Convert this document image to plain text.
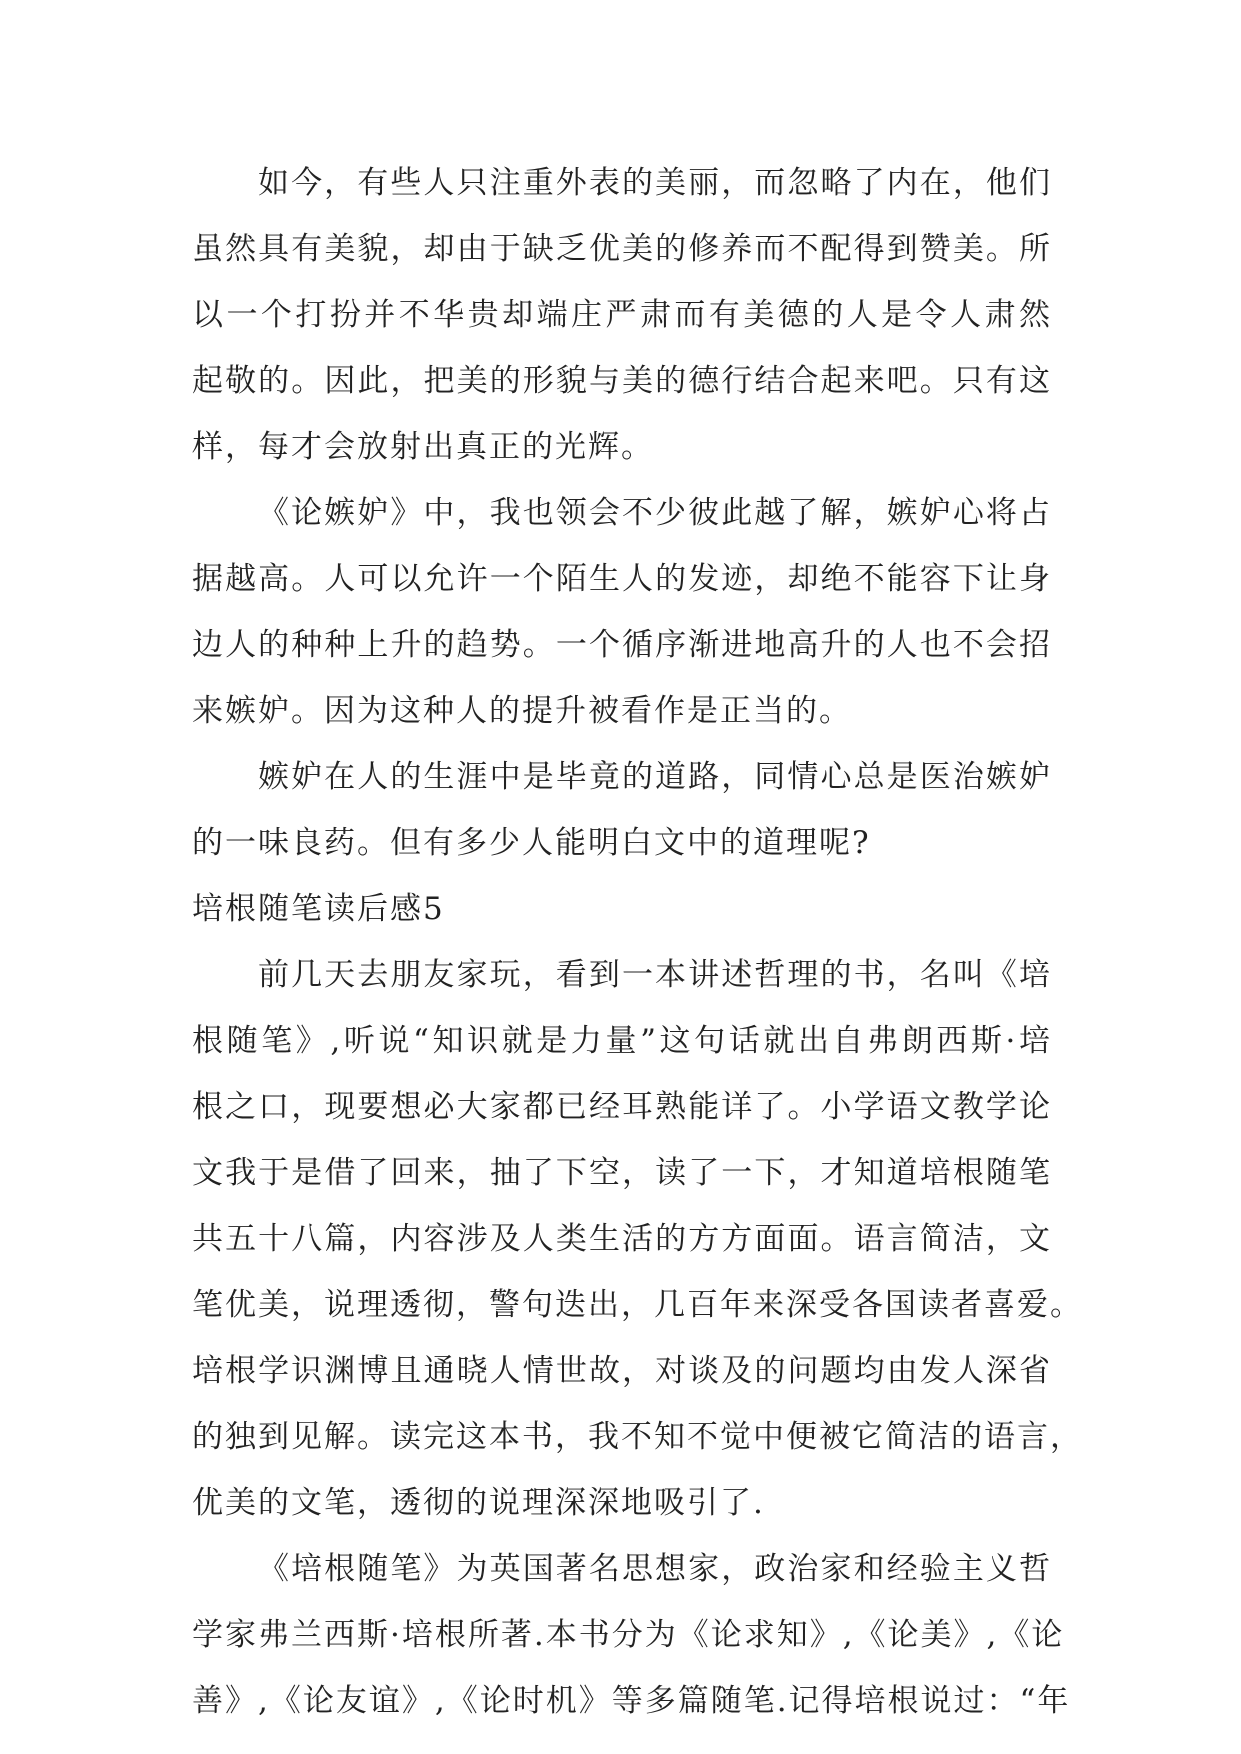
如今，有些人只注重外表的美丽，而忽略了内在，他们
虽然具有美貌，却由于缺乏优美的修养而不配得到赞美。所
以一个打扮并不华贵却端庄严肃而有美德的人是令人肃然
起敬的。因此，把美的形貌与美的德行结合起来吧。只有这
样，每才会放射出真正的光辉。
《论嫉妒》中，我也领会不少彼此越了解，嫉妒心将占
据越高。人可以允许一个陌生人的发迹，却绝不能容下让身
边人的种种上升的趋势。一个循序渐进地高升的人也不会招
来嫉妒。因为这种人的提升被看作是正当的。
嫉妒在人的生涯中是毕竟的道路，同情心总是医治嫉妒
的一味良药。但有多少人能明白文中的道理呢?
培根随笔读后感5
前几天去朋友家玩，看到一本讲述哲理的书，名叫《培
根随笔》,听说“知识就是力量”这句话就出自弗朗西斯·培
根之口，现要想必大家都已经耳熟能详了。小学语文教学论
文我于是借了回来，抽了下空，读了一下，才知道培根随笔
共五十八篇，内容涉及人类生活的方方面面。语言简洁，文
笔优美，说理透彻，警句迭出，几百年来深受各国读者喜爱。
培根学识渊博且通晓人情世故，对谈及的问题均由发人深省
的独到见解。读完这本书，我不知不觉中便被它简洁的语言，
优美的文笔，透彻的说理深深地吸引了.
《培根随笔》为英国著名思想家，政治家和经验主义哲
学家弗兰西斯·培根所著.本书分为《论求知》,《论美》,《论
善》,《论友谊》,《论时机》等多篇随笔.记得培根说过：“年
